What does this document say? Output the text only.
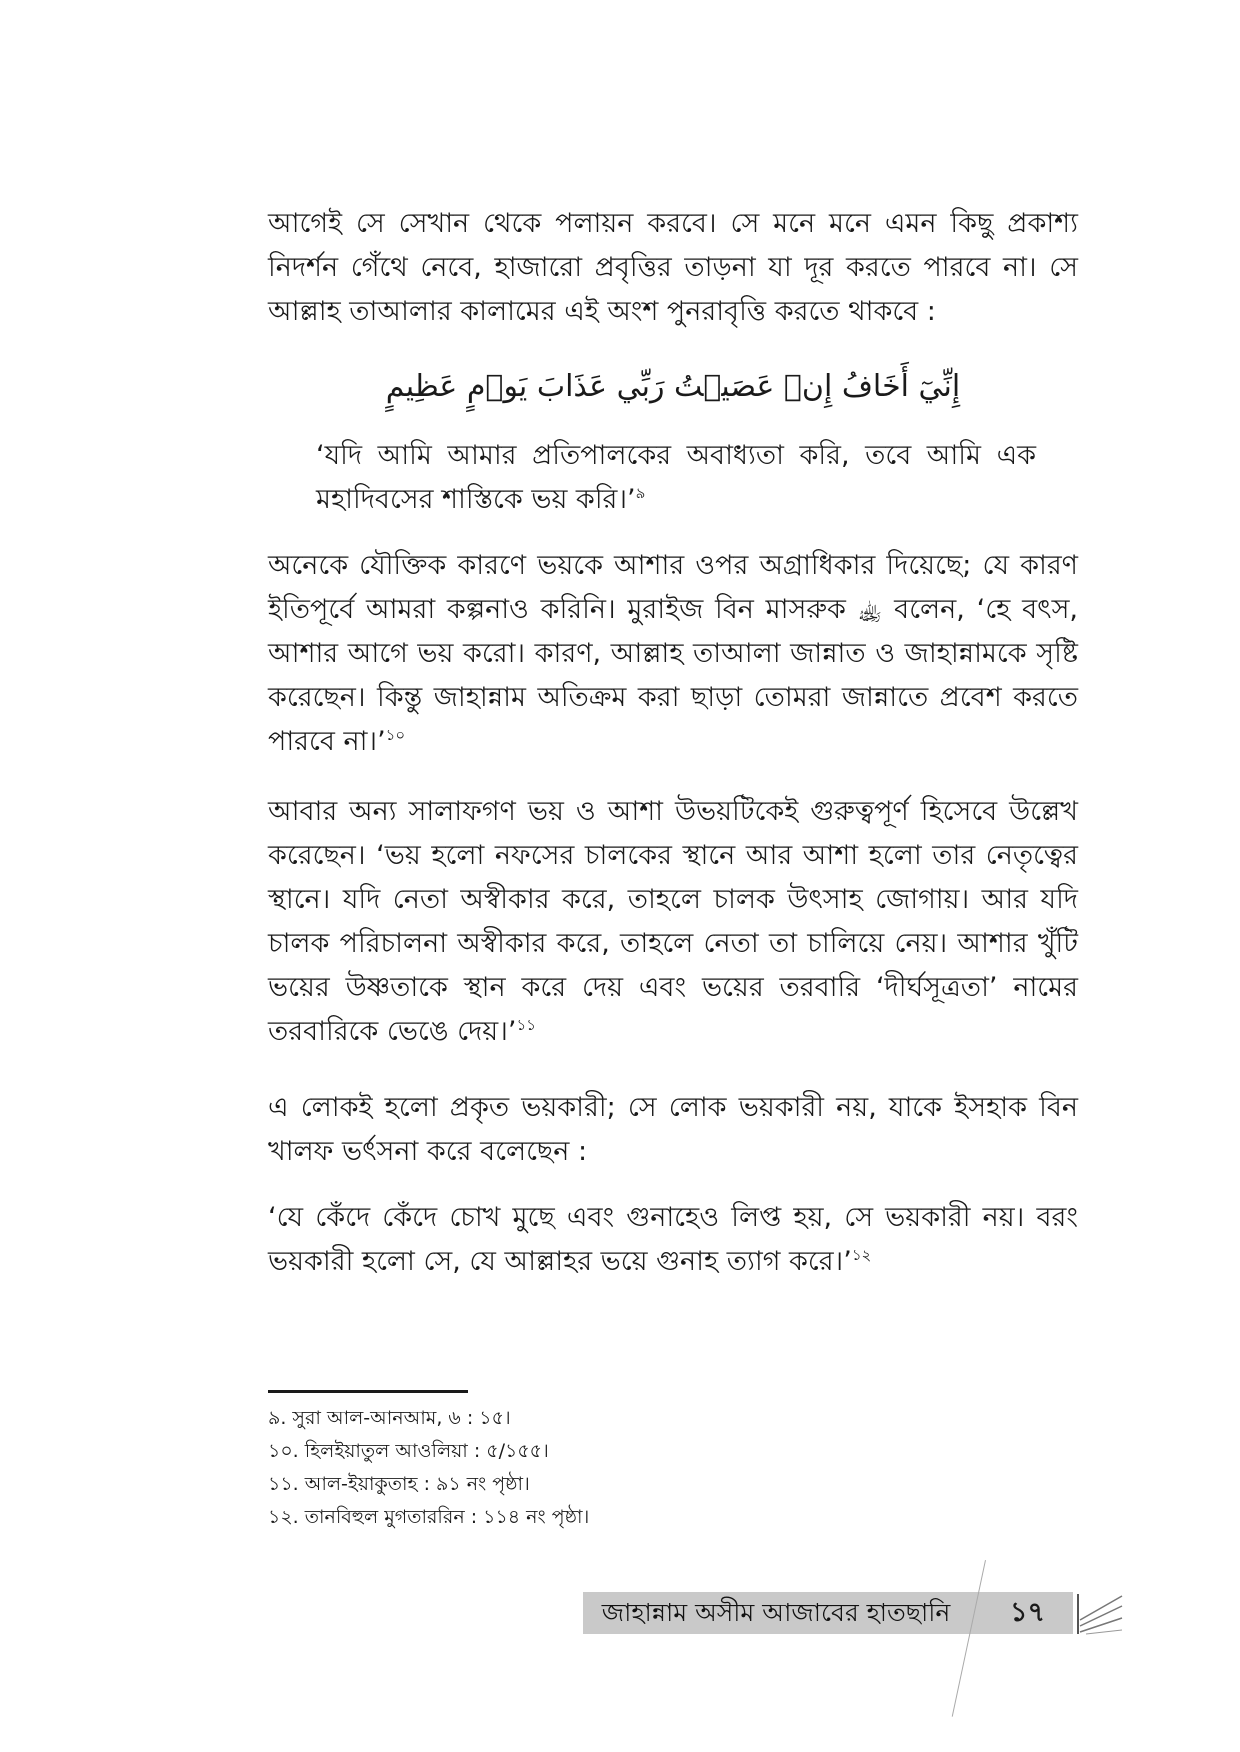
আগেই সে সেখান থেকে পলায়ন করবে। সে মনে মনে এমন কিছু প্রকাশ্য নিদর্শন গেঁথে নেবে, হাজারো প্রবৃত্তির তাড়না যা দূর করতে পারবে না। সে আল্লাহ তাআলার কালামের এই অংশ পুনরাবৃত্তি করতে থাকবে :

إِنِّيٓ أَخَافُ إِنۡ عَصَيۡتُ رَبِّي عَذَابَ يَوۡمٍ عَظِيمٍ

‘যদি আমি আমার প্রতিপালকের অবাধ্যতা করি, তবে আমি এক মহাদিবসের শাস্তিকে ভয় করি।’$^৯$

অনেকে যৌক্তিক কারণে ভয়কে আশার ওপর অগ্রাধিকার দিয়েছে; যে কারণ ইতিপূর্বে আমরা কল্পনাও করিনি। মুরাইজ বিন মাসরুক ﵀ বলেন, ‘হে বৎস, আশার আগে ভয় করো। কারণ, আল্লাহ তাআলা জান্নাত ও জাহান্নামকে সৃষ্টি করেছেন। কিন্তু জাহান্নাম অতিক্রম করা ছাড়া তোমরা জান্নাতে প্রবেশ করতে পারবে না।’$^{১০}$

আবার অন্য সালাফগণ ভয় ও আশা উভয়টিকেই গুরুত্বপূর্ণ হিসেবে উল্লেখ করেছেন। ‘ভয় হলো নফসের চালকের স্থানে আর আশা হলো তার নেতৃত্বের স্থানে। যদি নেতা অস্বীকার করে, তাহলে চালক উৎসাহ জোগায়। আর যদি চালক পরিচালনা অস্বীকার করে, তাহলে নেতা তা চালিয়ে নেয়। আশার খুঁটি ভয়ের উষ্ণতাকে স্থান করে দেয় এবং ভয়ের তরবারি ‘দীর্ঘসূত্রতা’ নামের তরবারিকে ভেঙে দেয়।’$^{১১}$

এ লোকই হলো প্রকৃত ভয়কারী; সে লোক ভয়কারী নয়, যাকে ইসহাক বিন খালফ ভর্ৎসনা করে বলেছেন :

‘যে কেঁদে কেঁদে চোখ মুছে এবং গুনাহেও লিপ্ত হয়, সে ভয়কারী নয়। বরং ভয়কারী হলো সে, যে আল্লাহর ভয়ে গুনাহ ত্যাগ করে।’$^{১২}$

৯. সুরা আল-আনআম, ৬ : ১৫।
১০. হিলইয়াতুল আওলিয়া : ৫/১৫৫।
১১. আল-ইয়াকুতাহ : ৯১ নং পৃষ্ঠা।
১২. তানবিহুল মুগতাররিন : ১১৪ নং পৃষ্ঠা।
জাহান্নাম অসীম আজাবের হাতছানি	১৭
